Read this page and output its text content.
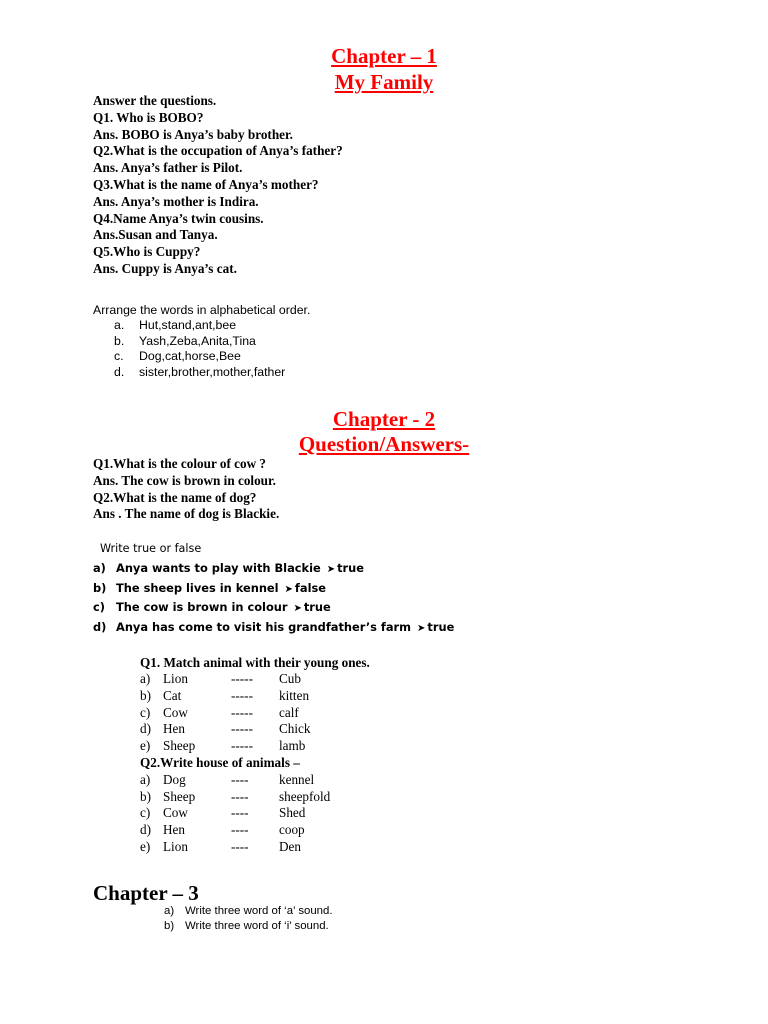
Chapter – 1
My Family
Answer the questions.
Q1. Who is BOBO?
Ans. BOBO is Anya’s baby brother.
Q2.What is the occupation of Anya’s father?
Ans. Anya’s father is Pilot.
Q3.What is the name of Anya’s mother?
Ans. Anya’s mother is Indira.
Q4.Name Anya’s twin cousins.
Ans.Susan and Tanya.
Q5.Who is Cuppy?
Ans. Cuppy is Anya’s cat.
Arrange the words in alphabetical order.
a. Hut,stand,ant,bee
b. Yash,Zeba,Anita,Tina
c. Dog,cat,horse,Bee
d. sister,brother,mother,father
Chapter - 2
Question/Answers-
Q1.What is the colour of cow ?
Ans. The cow is brown in colour.
Q2.What is the name of dog?
Ans . The name of dog is Blackie.
Write true or false
a) Anya wants to play with Blackie ➤ true
b) The sheep lives in kennel ➤ false
c) The cow is brown in colour ➤ true
d) Anya has come to visit his grandfather’s farm ➤ true
Q1. Match animal with their young ones.
a) Lion	----- Cub
b) Cat	----- kitten
c) Cow	----- calf
d) Hen	----- Chick
e) Sheep	----- lamb
Q2.Write house of animals –
a) Dog	---- kennel
b) Sheep	---- sheepfold
c) Cow	---- Shed
d) Hen	---- coop
e) Lion	---- Den
Chapter – 3
a) Write three word of ‘a’ sound.
b) Write three word of ‘i’ sound.
